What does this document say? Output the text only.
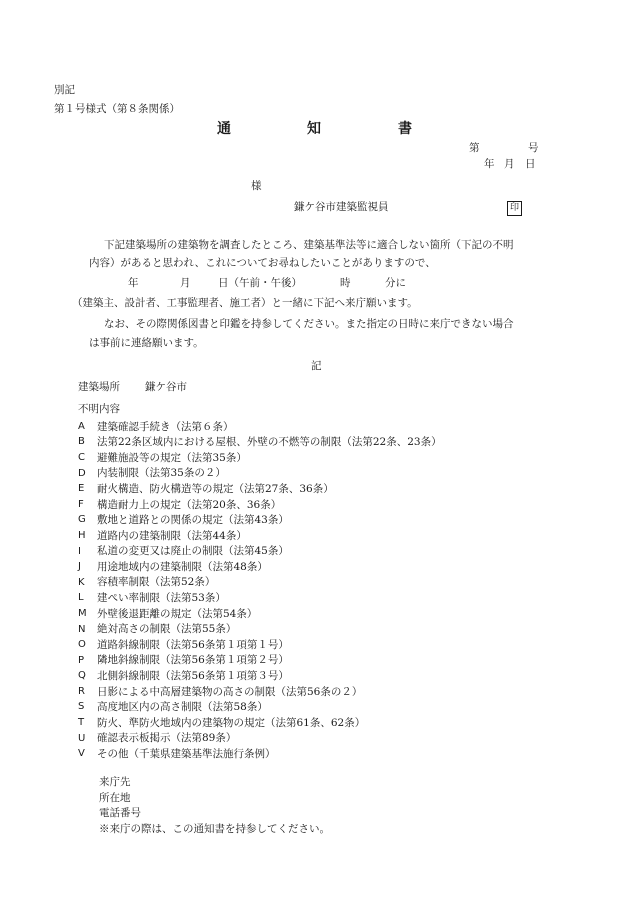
別記
第１号様式（第８条関係）
通	知	書
第	号
年 月 日
様
鎌ケ谷市建築監視員	印
下記建築場所の建築物を調査したところ、建築基準法等に適合しない箇所（下記の不明
内容）があると思われ、これについてお尋ねしたいことがありますので、
年	月	日（午前・午後）	時	分に
（建築主、設計者、工事監理者、施工者）と一緒に下記へ来庁願います。
なお、その際関係図書と印鑑を持参してください。また指定の日時に来庁できない場合
は事前に連絡願います。
記
建築場所 鎌ケ谷市
不明内容
A	建築確認手続き（法第６条）
B	法第22条区域内における屋根、外壁の不燃等の制限（法第22条、23条）
C	避難施設等の規定（法第35条）
D	内装制限（法第35条の２）
E	耐火構造、防火構造等の規定（法第27条、36条）
F	構造耐力上の規定（法第20条、36条）
G	敷地と道路との関係の規定（法第43条）
H	道路内の建築制限（法第44条）
I	私道の変更又は廃止の制限（法第45条）
J	用途地域内の建築制限（法第48条）
K	容積率制限（法第52条）
L	建ぺい率制限（法第53条）
M 外壁後退距離の規定（法第54条）
N	絶対高さの制限（法第55条）
O	道路斜線制限（法第56条第１項第１号）
P	隣地斜線制限（法第56条第１項第２号）
Q	北側斜線制限（法第56条第１項第３号）
R	日影による中高層建築物の高さの制限（法第56条の２）
S	高度地区内の高さ制限（法第58条）
T	防火、準防火地域内の建築物の規定（法第61条、62条）
U	確認表示板掲示（法第89条）
V	その他（千葉県建築基準法施行条例）
来庁先
所在地
電話番号
※来庁の際は、この通知書を持参してください。
